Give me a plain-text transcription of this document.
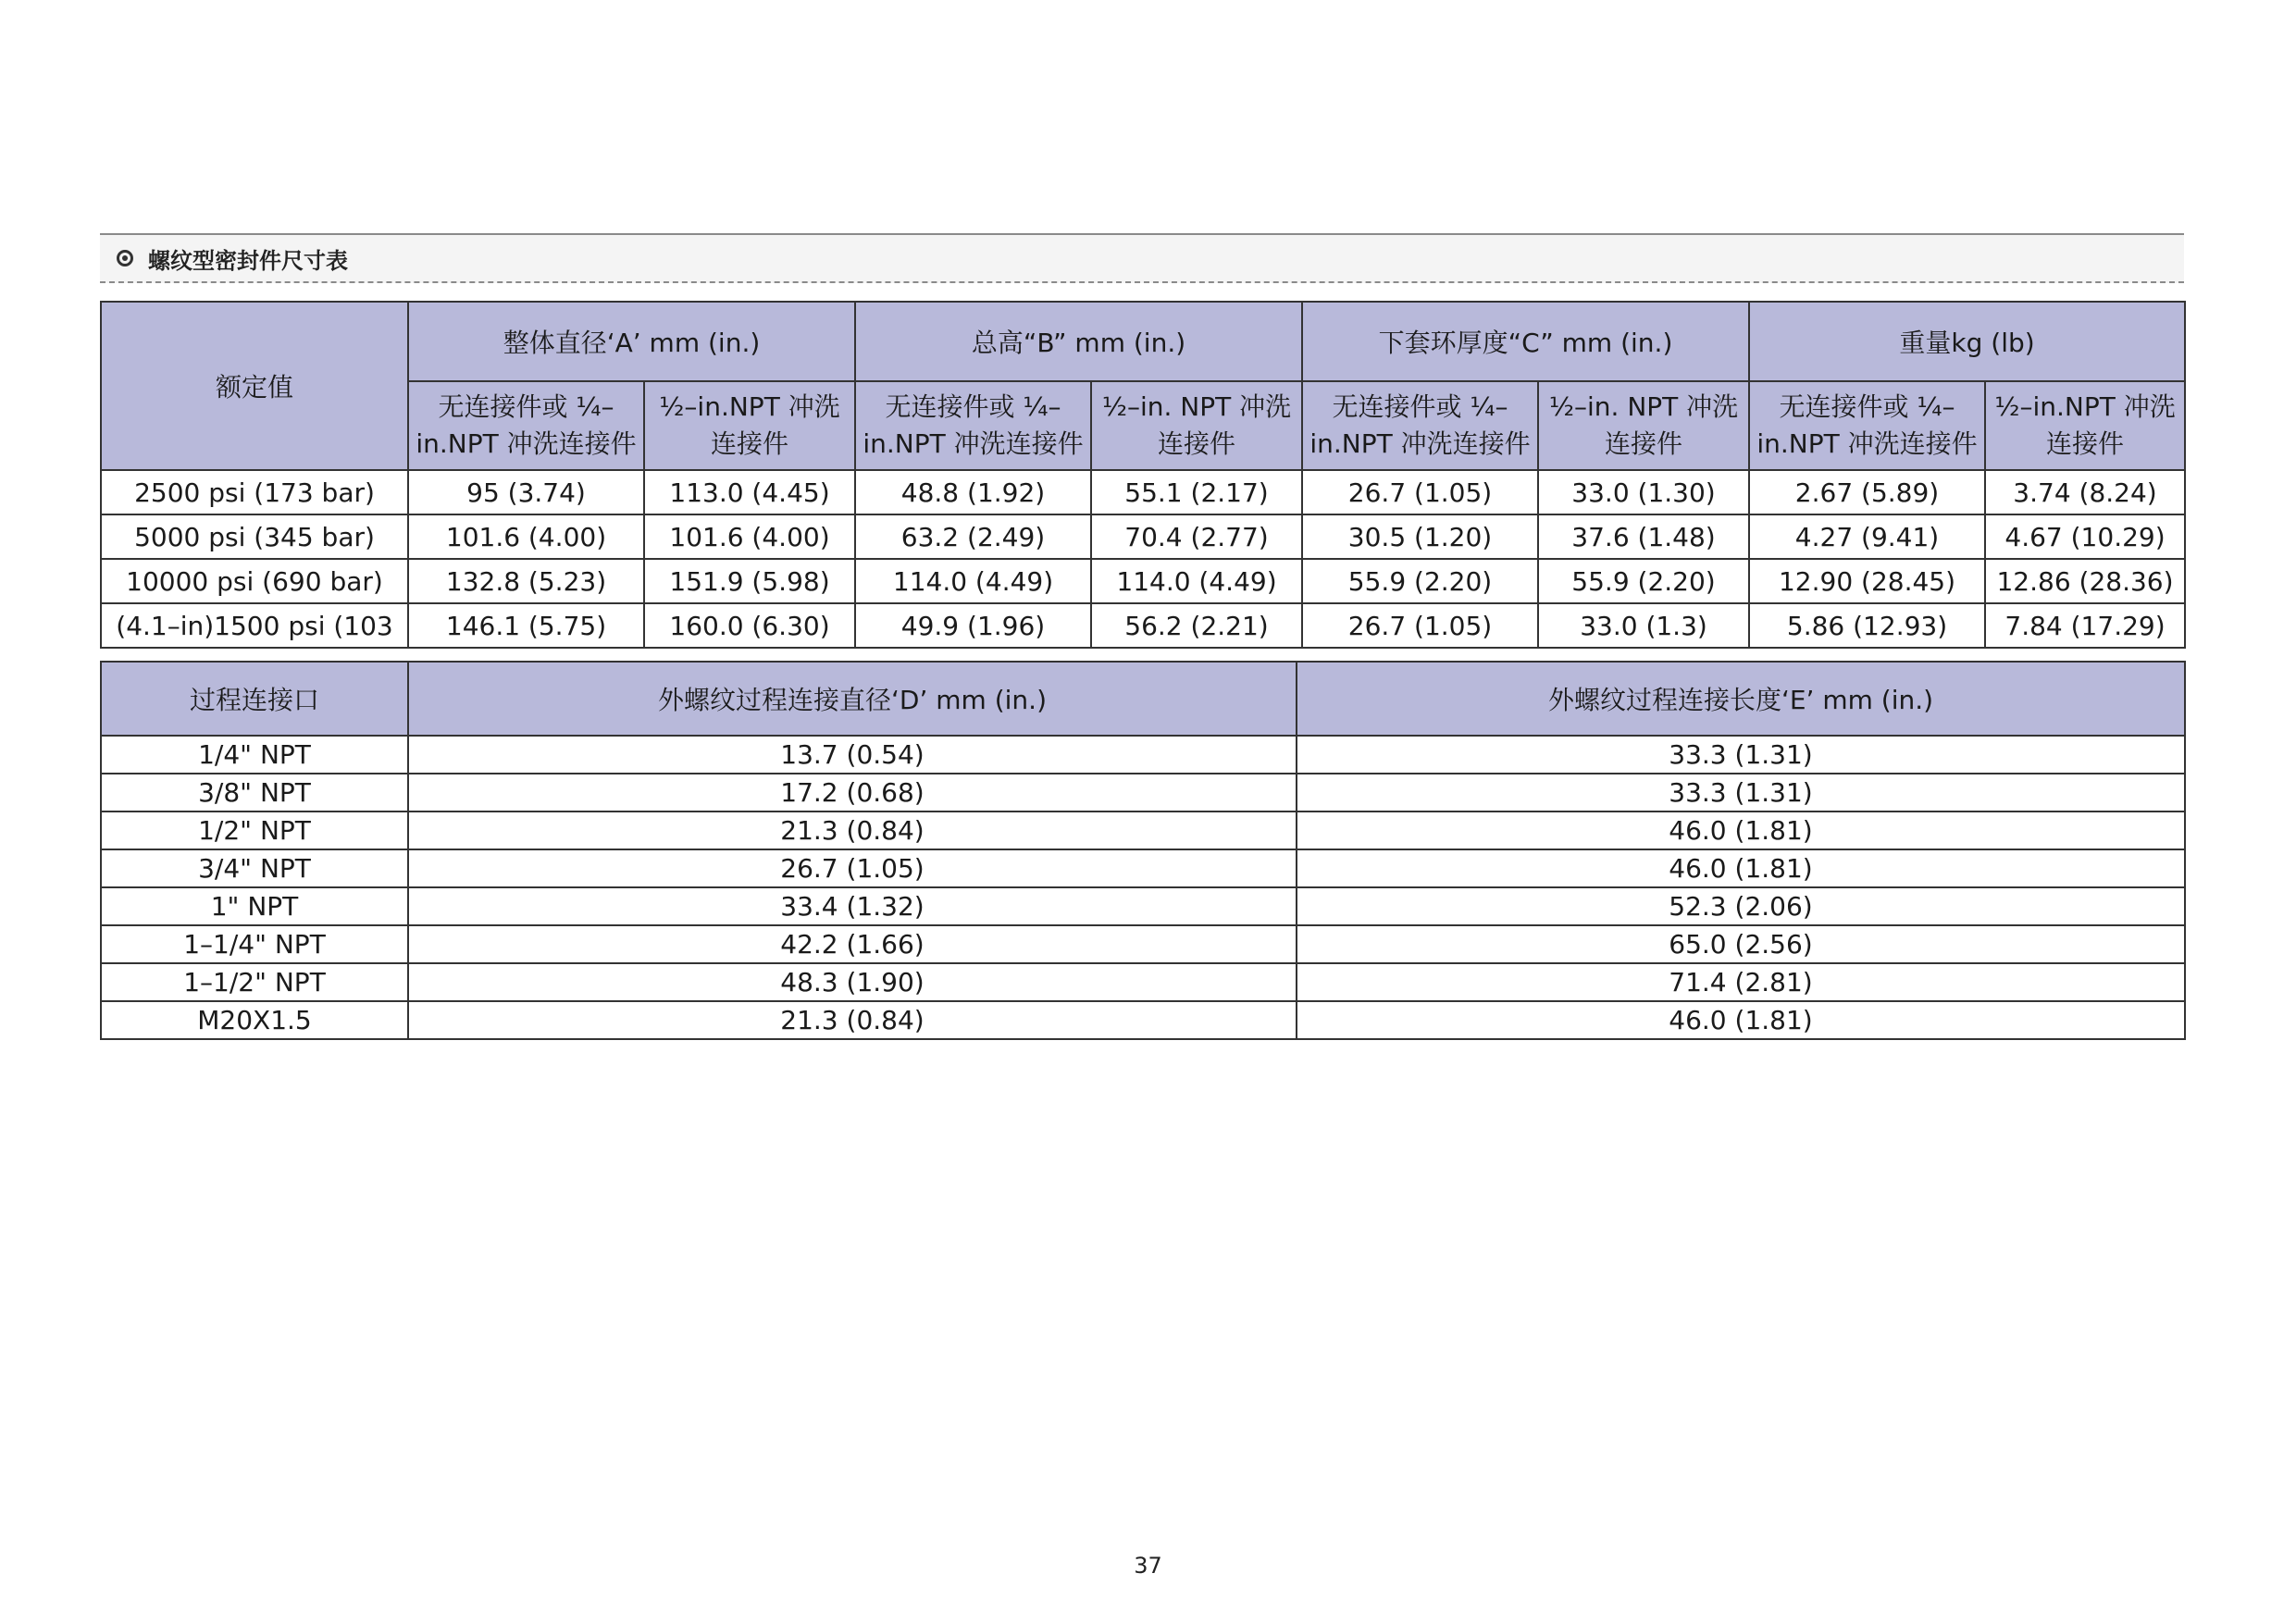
螺纹型密封件尺寸表
额定值	整体直径‘A’ mm (in.)		总高“B” mm (in.)		下套环厚度“C” mm (in.)		重量kg (lb)	
	无连接件或 ¼–in.NPT 冲洗连接件	½–in.NPT 冲洗连接件	无连接件或 ¼–in.NPT 冲洗连接件	½–in. NPT 冲洗连接件	无连接件或 ¼–in.NPT 冲洗连接件	½–in. NPT 冲洗连接件	无连接件或 ¼–in.NPT 冲洗连接件	½–in.NPT 冲洗连接件
2500 psi (173 bar)	95 (3.74)	113.0 (4.45)	48.8 (1.92)	55.1 (2.17)	26.7 (1.05)	33.0 (1.30)	2.67 (5.89)	3.74 (8.24)
5000 psi (345 bar)	101.6 (4.00)	101.6 (4.00)	63.2 (2.49)	70.4 (2.77)	30.5 (1.20)	37.6 (1.48)	4.27 (9.41)	4.67 (10.29)
10000 psi (690 bar)	132.8 (5.23)	151.9 (5.98)	114.0 (4.49)	114.0 (4.49)	55.9 (2.20)	55.9 (2.20)	12.90 (28.45)	12.86 (28.36)
(4.1–in)1500 psi (103	146.1 (5.75)	160.0 (6.30)	49.9 (1.96)	56.2 (2.21)	26.7 (1.05)	33.0 (1.3)	5.86 (12.93)	7.84 (17.29)
过程连接口	外螺纹过程连接直径‘D’ mm (in.)	外螺纹过程连接长度‘E’ mm (in.)
1/4" NPT	13.7 (0.54)	33.3 (1.31)
3/8" NPT	17.2 (0.68)	33.3 (1.31)
1/2" NPT	21.3 (0.84)	46.0 (1.81)
3/4" NPT	26.7 (1.05)	46.0 (1.81)
1" NPT	33.4 (1.32)	52.3 (2.06)
1–1/4" NPT	42.2 (1.66)	65.0 (2.56)
1–1/2" NPT	48.3 (1.90)	71.4 (2.81)
M20X1.5	21.3 (0.84)	46.0 (1.81)
37
